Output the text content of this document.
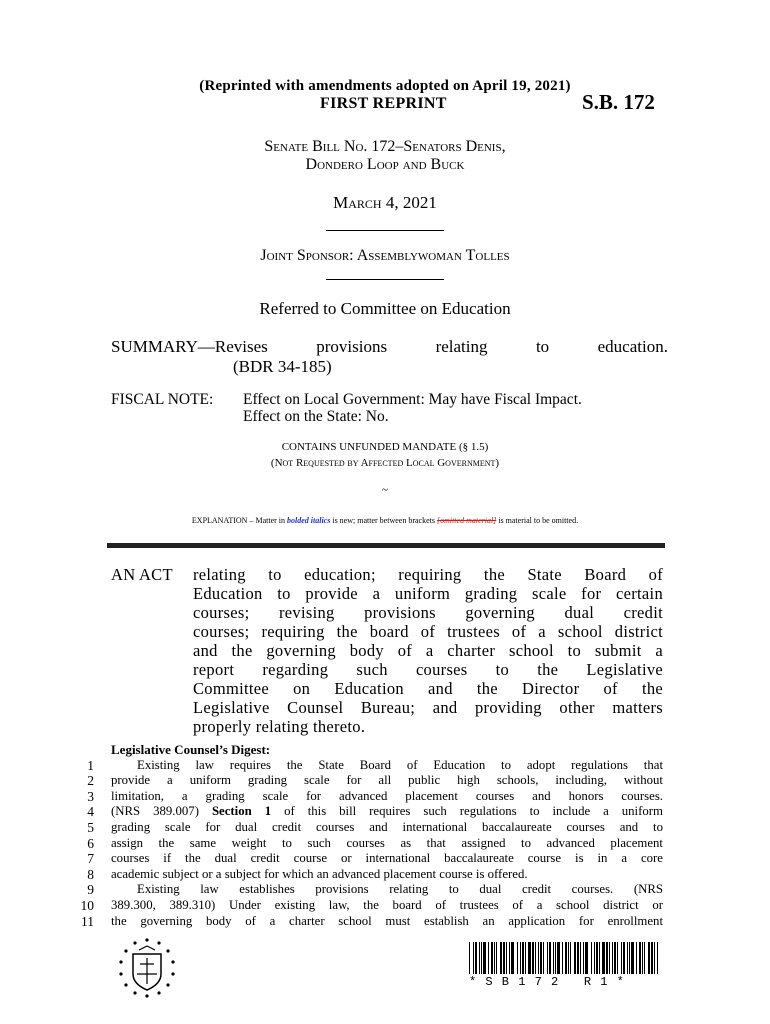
(Reprinted with amendments adopted on April 19, 2021)
FIRST REPRINT	S.B. 172
Senate Bill No. 172–Senators Denis,
Dondero Loop and Buck
March 4, 2021
Joint Sponsor: Assemblywoman Tolles
Referred to Committee on Education
SUMMARY—Revises	provisions	relating	to	education.
(BDR 34-185)
FISCAL NOTE: Effect on Local Government: May have Fiscal Impact.
Effect on the State: No.
CONTAINS UNFUNDED MANDATE (§ 1.5)
(Not Requested by Affected Local Government)
~
EXPLANATION – Matter in bolded italics is new; matter between brackets [omitted material] is material to be omitted.
AN ACT	relating to education; requiring the State Board of
Education to provide a uniform grading scale for certain
courses; revising provisions governing dual credit
courses; requiring the board of trustees of a school district
and the governing body of a charter school to submit a
report regarding such courses to the Legislative
Committee on Education and the Director of the
Legislative Counsel Bureau; and providing other matters
properly relating thereto.
Legislative Counsel’s Digest:
Existing law requires the State Board of Education to adopt regulations that
provide a uniform grading scale for all public high schools, including, without
limitation, a grading scale for advanced placement courses and honors courses.
(NRS 389.007) Section 1 of this bill requires such regulations to include a uniform
grading scale for dual credit courses and international baccalaureate courses and to
assign the same weight to such courses as that assigned to advanced placement
courses if the dual credit course or international baccalaureate course is in a core
academic subject or a subject for which an advanced placement course is offered.
Existing law establishes provisions relating to dual credit courses. (NRS
389.300, 389.310) Under existing law, the board of trustees of a school district or
the governing body of a charter school must establish an application for enrollment
1
2
3
4
5
6
7
8
9
10
11
* S B 1 7 2   R 1 *
